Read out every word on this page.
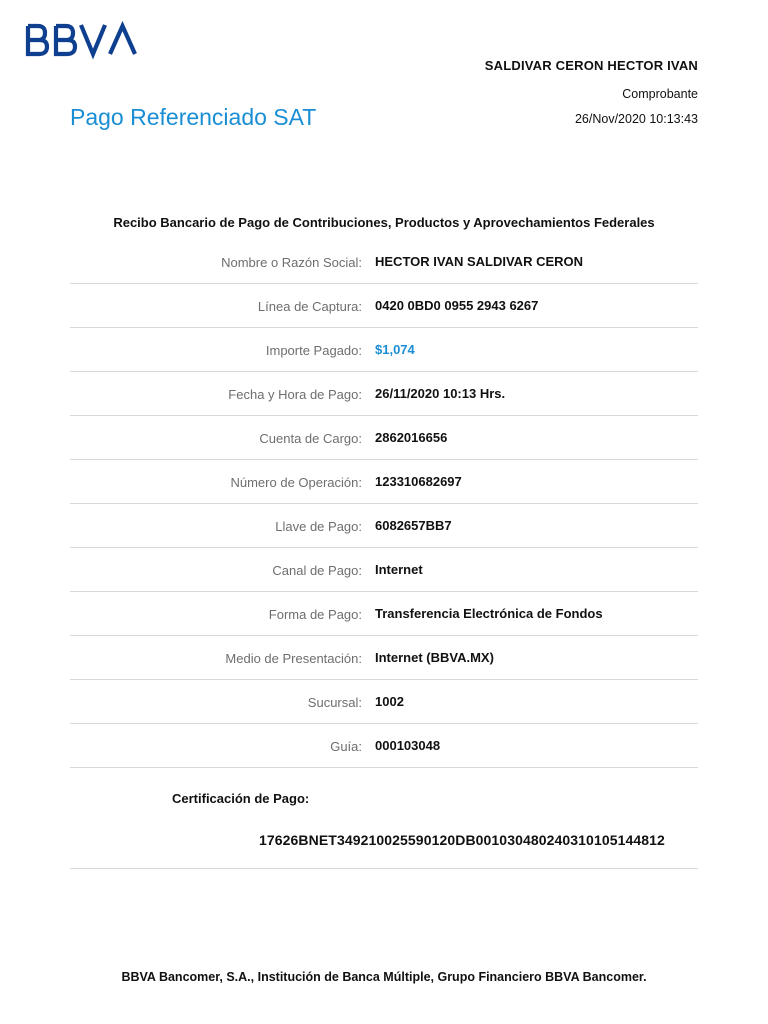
SALDIVAR CERON HECTOR IVAN
Comprobante
26/Nov/2020 10:13:43
Pago Referenciado SAT
Recibo Bancario de Pago de Contribuciones, Productos y Aprovechamientos Federales
Nombre o Razón Social: HECTOR IVAN SALDIVAR CERON
Línea de Captura: 0420 0BD0 0955 2943 6267
Importe Pagado: $1,074
Fecha y Hora de Pago: 26/11/2020 10:13 Hrs.
Cuenta de Cargo: 2862016656
Número de Operación: 123310682697
Llave de Pago: 6082657BB7
Canal de Pago: Internet
Forma de Pago: Transferencia Electrónica de Fondos
Medio de Presentación: Internet (BBVA.MX)
Sucursal: 1002
Guía: 000103048
Certificación de Pago:
17626BNET349210025590120DB0010304802403101051448​12
BBVA Bancomer, S.A., Institución de Banca Múltiple, Grupo Financiero BBVA Bancomer.
